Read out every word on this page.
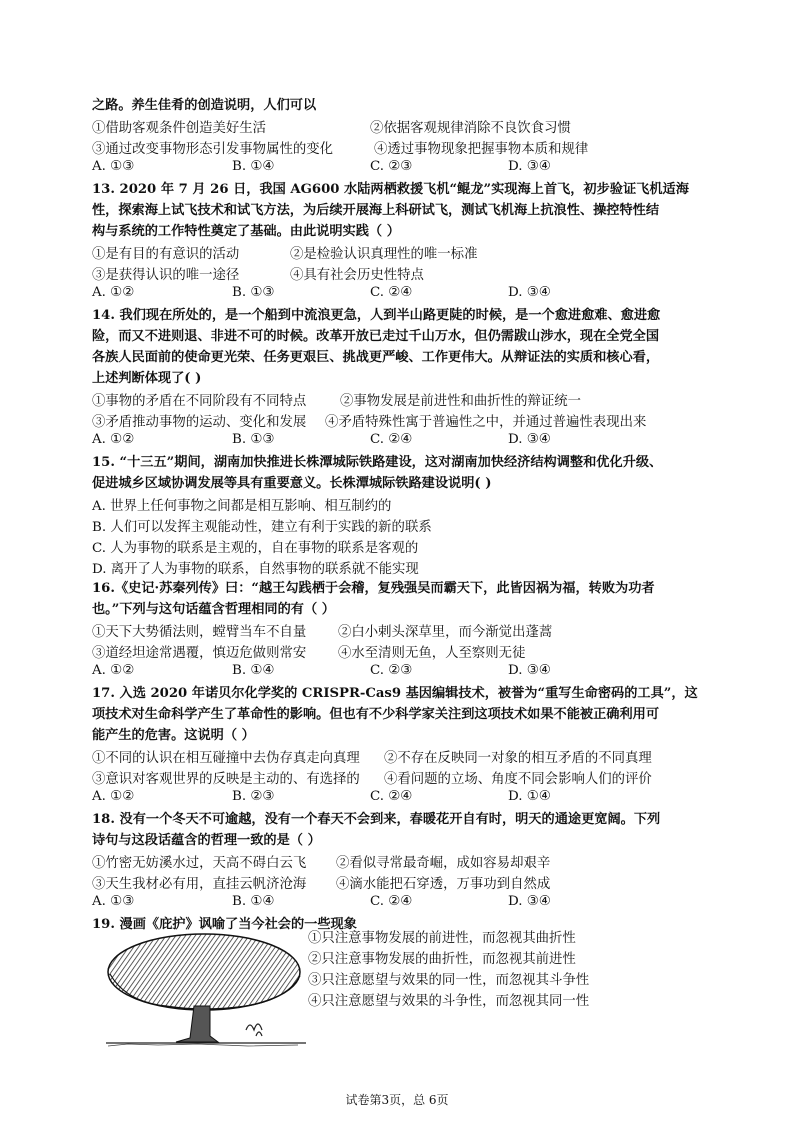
之路。养生佳肴的创造说明，人们可以
①借助客观条件创造美好生活	②依据客观规律消除不良饮食习惯
③通过改变事物形态引发事物属性的变化	④透过事物现象把握事物本质和规律
A. ①③	B. ①④	C. ②③	D. ③④
13. 2020 年 7 月 26 日，我国 AG600 水陆两栖救援飞机“鲲龙”实现海上首飞，初步验证飞机适海
性，探索海上试飞技术和试飞方法，为后续开展海上科研试飞，测试飞机海上抗浪性、操控特性结
构与系统的工作特性奠定了基础。由此说明实践（ ）
①是有目的有意识的活动	②是检验认识真理性的唯一标准
③是获得认识的唯一途径	④具有社会历史性特点
A. ①②	B. ①③	C. ②④	D. ③④
14. 我们现在所处的，是一个船到中流浪更急，人到半山路更陡的时候，是一个愈进愈难、愈进愈
险，而又不进则退、非进不可的时候。改革开放已走过千山万水，但仍需跋山涉水，现在全党全国
各族人民面前的使命更光荣、任务更艰巨、挑战更严峻、工作更伟大。从辩证法的实质和核心看，
上述判断体现了( )
①事物的矛盾在不同阶段有不同特点	②事物发展是前进性和曲折性的辩证统一
③矛盾推动事物的运动、变化和发展 ④矛盾特殊性寓于普遍性之中，并通过普遍性表现出来
A. ①②	B. ①③	C. ②④	D. ③④
15. “十三五”期间，湖南加快推进长株潭城际铁路建设，这对湖南加快经济结构调整和优化升级、
促进城乡区域协调发展等具有重要意义。长株潭城际铁路建设说明( )
A. 世界上任何事物之间都是相互影响、相互制约的
B. 人们可以发挥主观能动性，建立有利于实践的新的联系
C. 人为事物的联系是主观的，自在事物的联系是客观的
D. 离开了人为事物的联系，自然事物的联系就不能实现
16.《史记·苏秦列传》曰：“越王勾践栖于会稽，复残强吴而霸天下，此皆因祸为福，转败为功者
也。”下列与这句话蕴含哲理相同的有（ ）
①天下大势循法则，螳臂当车不自量 ②白小剌头深草里，而今渐觉出蓬蒿
③道经坦途常遇覆，慎迈危做则常安 ④水至清则无鱼，人至察则无徒
A. ①②	B. ①④	C. ②③	D. ③④
17. 入选 2020 年诺贝尔化学奖的 CRISPR-Cas9 基因编辑技术，被誉为“重写生命密码的工具”，这
项技术对生命科学产生了革命性的影响。但也有不少科学家关注到这项技术如果不能被正确利用可
能产生的危害。这说明（ ）
①不同的认识在相互碰撞中去伪存真走向真理 ②不存在反映同一对象的相互矛盾的不同真理
③意识对客观世界的反映是主动的、有选择的 ④看问题的立场、角度不同会影响人们的评价
A. ①②	B. ②③	C. ②④	D. ①④
18. 没有一个冬天不可逾越，没有一个春天不会到来，春暖花开自有时，明天的通途更宽阔。下列
诗句与这段话蕴含的哲理一致的是（ ）
①竹密无妨溪水过，天高不碍白云飞 ②看似寻常最奇崛，成如容易却艰辛
③天生我材必有用，直挂云帆济沧海 ④滴水能把石穿透，万事功到自然成
A. ①③	B. ①④	C. ②④	D. ③④
19. 漫画《庇护》讽喻了当今社会的一些现象
①只注意事物发展的前进性，而忽视其曲折性
②只注意事物发展的曲折性，而忽视其前进性
③只注意愿望与效果的同一性，而忽视其斗争性
④只注意愿望与效果的斗争性，而忽视其同一性
试卷第3页，总 6页
